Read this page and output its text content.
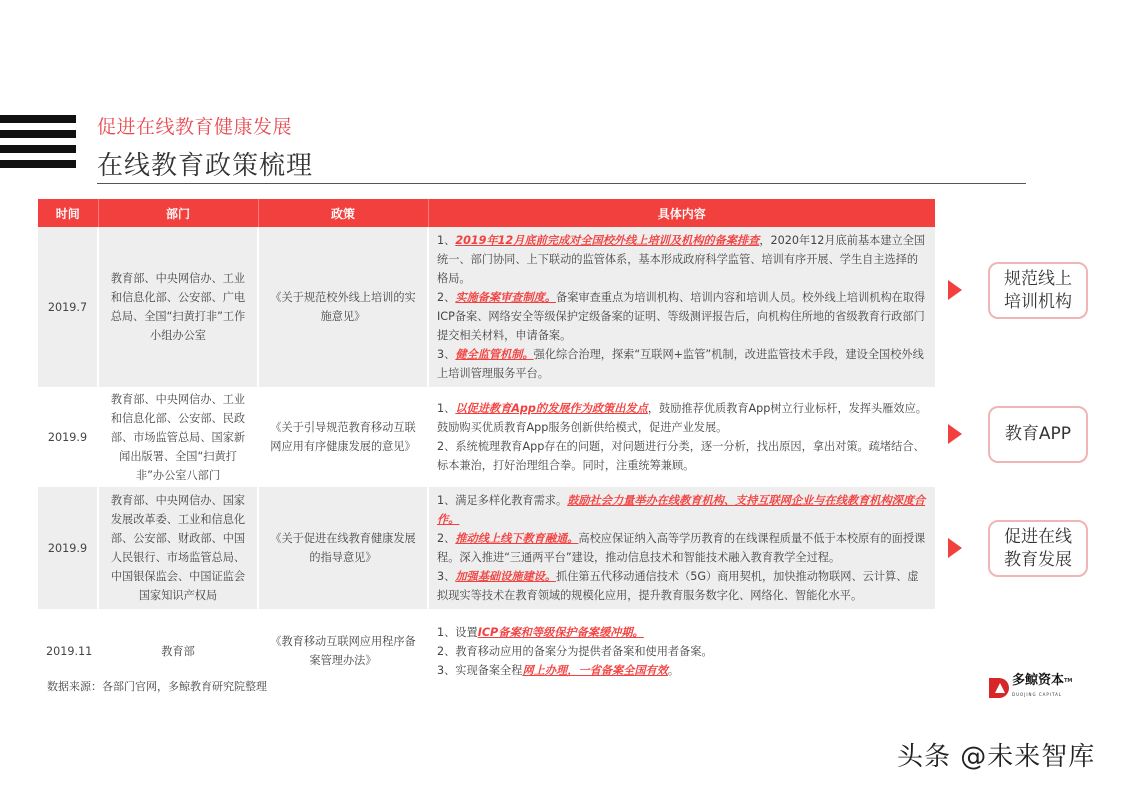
促进在线教育健康发展
在线教育政策梳理
时间	部门	政策	具体内容
2019.7	教育部、中央网信办、工业和信息化部、公安部、广电总局、全国“扫黄打非”工作小组办公室	《关于规范校外线上培训的实施意见》	1、2019年12月底前完成对全国校外线上培训及机构的备案排查，2020年12月底前基本建立全国统一、部门协同、上下联动的监管体系，基本形成政府科学监管、培训有序开展、学生自主选择的格局。
2、实施备案审查制度。备案审查重点为培训机构、培训内容和培训人员。校外线上培训机构在取得ICP备案、网络安全等级保护定级备案的证明、等级测评报告后，向机构住所地的省级教育行政部门提交相关材料，申请备案。
3、健全监管机制。强化综合治理，探索“互联网+监管”机制，改进监管技术手段，建设全国校外线上培训管理服务平台。

2019.9	教育部、中央网信办、工业和信息化部、公安部、民政部、市场监管总局、国家新闻出版署、全国“扫黄打非”办公室八部门	《关于引导规范教育移动互联网应用有序健康发展的意见》	1、以促进教育App的发展作为政策出发点，鼓励推荐优质教育App树立行业标杆，发挥头雁效应。鼓励购买优质教育App服务创新供给模式，促进产业发展。
2、系统梳理教育App存在的问题，对问题进行分类，逐一分析，找出原因，拿出对策。疏堵结合、标本兼治，打好治理组合拳。同时，注重统筹兼顾。

2019.9	教育部、中央网信办、国家发展改革委、工业和信息化部、公安部、财政部、中国人民银行、市场监管总局、中国银保监会、中国证监会国家知识产权局	《关于促进在线教育健康发展的指导意见》	1、满足多样化教育需求。鼓励社会力量举办在线教育机构、支持互联网企业与在线教育机构深度合作。
2、推动线上线下教育融通。高校应保证纳入高等学历教育的在线课程质量不低于本校原有的面授课程。深入推进“三通两平台”建设，推动信息技术和智能技术融入教育教学全过程。
3、加强基础设施建设。抓住第五代移动通信技术（5G）商用契机，加快推动物联网、云计算、虚拟现实等技术在教育领域的规模化应用，提升教育服务数字化、网络化、智能化水平。

2019.11	教育部	《教育移动互联网应用程序备案管理办法》	1、设置ICP备案和等级保护备案缓冲期。
2、教育移动应用的备案分为提供者备案和使用者备案。
3、实现备案全程网上办理，一省备案全国有效。
规范线上
培训机构
教育APP
促进在线
教育发展
数据来源：各部门官网，多鲸教育研究院整理	多鲸资本™
DUOJING CAPITAL
头条 @未来智库
